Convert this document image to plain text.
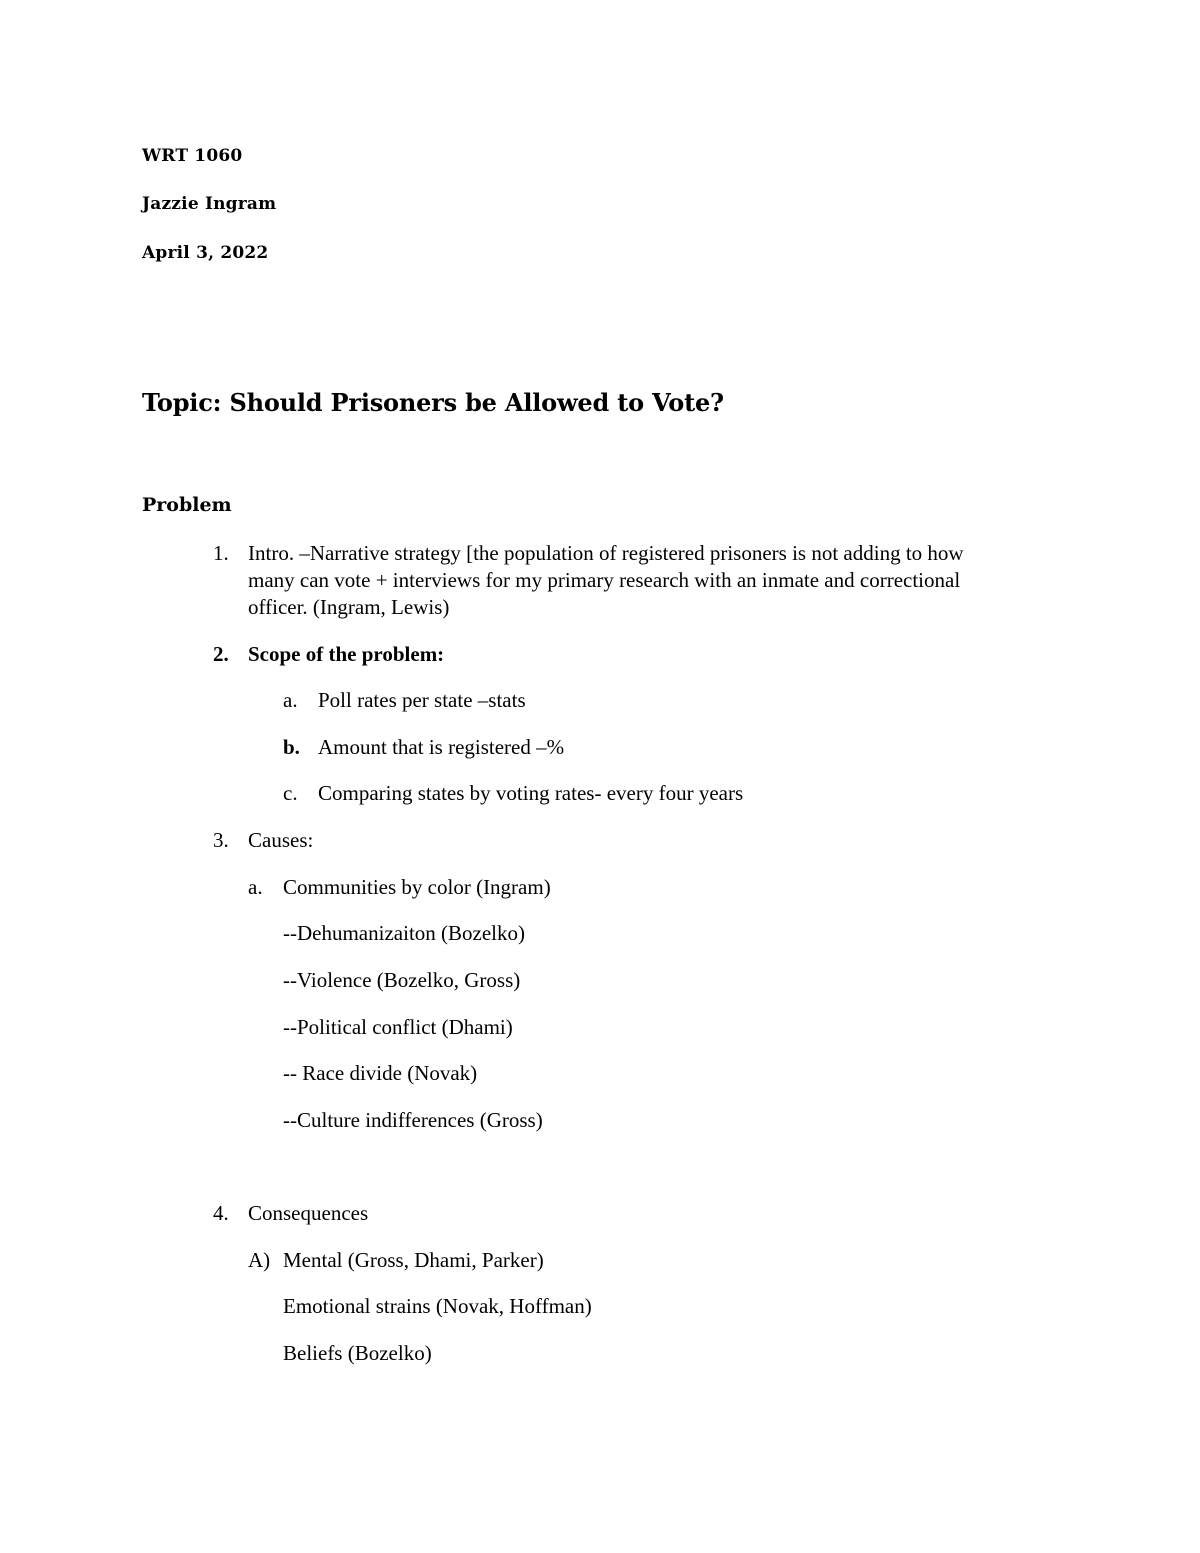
WRT 1060

Jazzie Ingram

April 3, 2022

Topic: Should Prisoners be Allowed to Vote?
Problem
1. Intro. –Narrative strategy [the population of registered prisoners is not adding to how
many can vote + interviews for my primary research with an inmate and correctional
officer. (Ingram, Lewis)
2. Scope of the problem:
a. Poll rates per state –stats
b. Amount that is registered –%
c. Comparing states by voting rates- every four years
3. Causes:
a. Communities by color (Ingram)
--Dehumanizaiton (Bozelko)
--Violence (Bozelko, Gross)
--Political conflict (Dhami)
-- Race divide (Novak)
--Culture indifferences (Gross)
4. Consequences
A) Mental (Gross, Dhami, Parker)
Emotional strains (Novak, Hoffman)
Beliefs (Bozelko)
